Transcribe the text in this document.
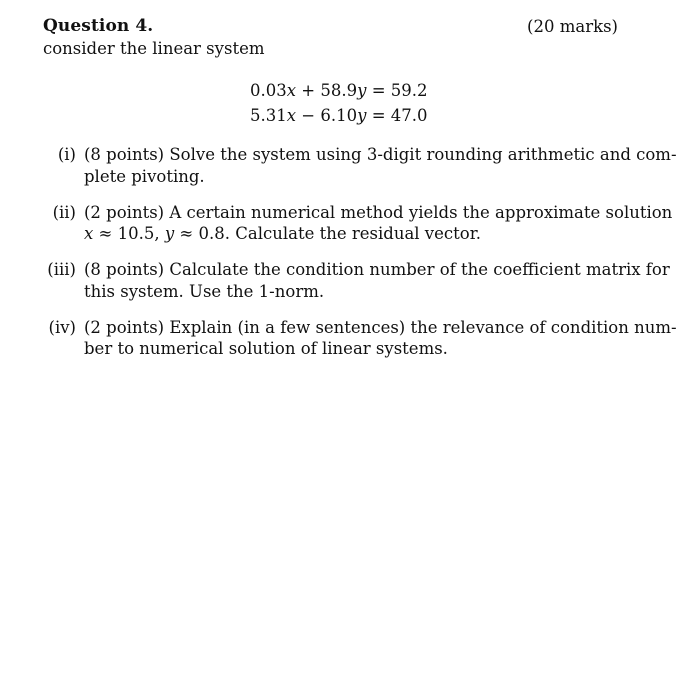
Question 4.	(20 marks)
consider the linear system
0.03x + 58.9y = 59.2
5.31x − 6.10y = 47.0
(i) (8 points) Solve the system using 3-digit rounding arithmetic and com-
plete pivoting.
(ii) (2 points) A certain numerical method yields the approximate solution
x ≈ 10.5, y ≈ 0.8. Calculate the residual vector.
(iii) (8 points) Calculate the condition number of the coefficient matrix for
this system. Use the 1-norm.
(iv) (2 points) Explain (in a few sentences) the relevance of condition num-
ber to numerical solution of linear systems.
